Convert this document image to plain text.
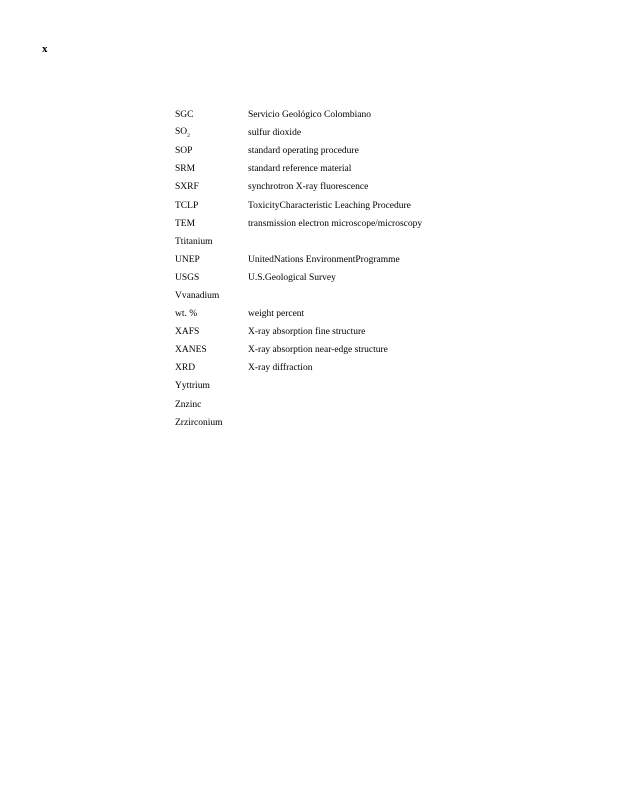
x
SGC	Servicio Geológico Colombiano
$SO_2$	sulfur dioxide
SOP	standard operating procedure
SRM	standard reference material
SXRF	synchrotron X-ray fluorescence
TCLP	ToxicityCharacteristic Leaching Procedure
TEM	transmission electron microscope/microscopy
Ttitanium
UNEP	UnitedNations EnvironmentProgramme
USGS	U.S.Geological Survey
Vvanadium
wt. %	weight percent
XAFS	X-ray absorption fine structure
XANES	X-ray absorption near-edge structure
XRD	X-ray diffraction
Yyttrium
Znzinc
Zrzirconium
